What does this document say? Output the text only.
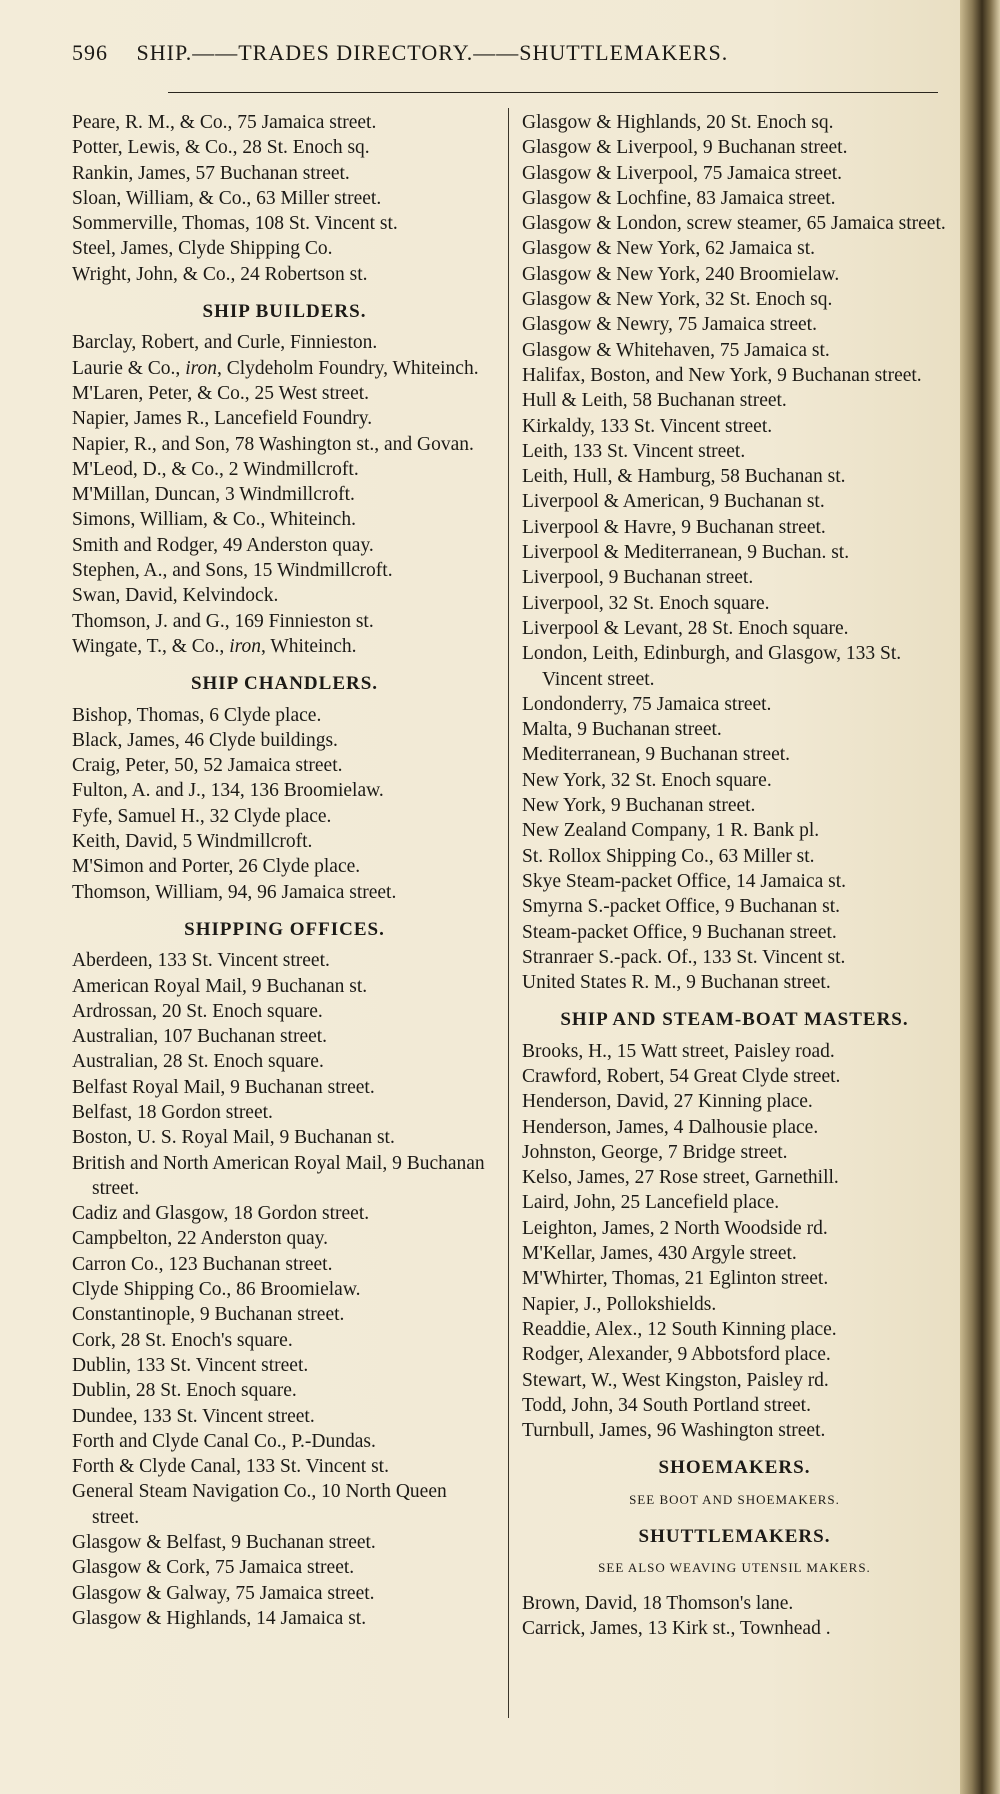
596 SHIP.——TRADES DIRECTORY.——SHUTTLEMAKERS.

Peare, R. M., & Co., 75 Jamaica street.

Potter, Lewis, & Co., 28 St. Enoch sq.

Rankin, James, 57 Buchanan street.

Sloan, William, & Co., 63 Miller street.

Sommerville, Thomas, 108 St. Vincent st.

Steel, James, Clyde Shipping Co.

Wright, John, & Co., 24 Robertson st.

SHIP BUILDERS.

Barclay, Robert, and Curle, Finnieston.

Laurie & Co., iron, Clydeholm Foundry, Whiteinch.

M'Laren, Peter, & Co., 25 West street.

Napier, James R., Lancefield Foundry.

Napier, R., and Son, 78 Washington st., and Govan.

M'Leod, D., & Co., 2 Windmillcroft.

M'Millan, Duncan, 3 Windmillcroft.

Simons, William, & Co., Whiteinch.

Smith and Rodger, 49 Anderston quay.

Stephen, A., and Sons, 15 Windmillcroft.

Swan, David, Kelvindock.

Thomson, J. and G., 169 Finnieston st.

Wingate, T., & Co., iron, Whiteinch.

SHIP CHANDLERS.

Bishop, Thomas, 6 Clyde place.

Black, James, 46 Clyde buildings.

Craig, Peter, 50, 52 Jamaica street.

Fulton, A. and J., 134, 136 Broomielaw.

Fyfe, Samuel H., 32 Clyde place.

Keith, David, 5 Windmillcroft.

M'Simon and Porter, 26 Clyde place.

Thomson, William, 94, 96 Jamaica street.

SHIPPING OFFICES.

Aberdeen, 133 St. Vincent street.

American Royal Mail, 9 Buchanan st.

Ardrossan, 20 St. Enoch square.

Australian, 107 Buchanan street.

Australian, 28 St. Enoch square.

Belfast Royal Mail, 9 Buchanan street.

Belfast, 18 Gordon street.

Boston, U. S. Royal Mail, 9 Buchanan st.

British and North American Royal Mail, 9 Buchanan street.

Cadiz and Glasgow, 18 Gordon street.

Campbelton, 22 Anderston quay.

Carron Co., 123 Buchanan street.

Clyde Shipping Co., 86 Broomielaw.

Constantinople, 9 Buchanan street.

Cork, 28 St. Enoch's square.

Dublin, 133 St. Vincent street.

Dublin, 28 St. Enoch square.

Dundee, 133 St. Vincent street.

Forth and Clyde Canal Co., P.-Dundas.

Forth & Clyde Canal, 133 St. Vincent st.

General Steam Navigation Co., 10 North Queen street.

Glasgow & Belfast, 9 Buchanan street.

Glasgow & Cork, 75 Jamaica street.

Glasgow & Galway, 75 Jamaica street.

Glasgow & Highlands, 14 Jamaica st.

Glasgow & Highlands, 20 St. Enoch sq.

Glasgow & Liverpool, 9 Buchanan street.

Glasgow & Liverpool, 75 Jamaica street.

Glasgow & Lochfine, 83 Jamaica street.

Glasgow & London, screw steamer, 65 Jamaica street.

Glasgow & New York, 62 Jamaica st.

Glasgow & New York, 240 Broomielaw.

Glasgow & New York, 32 St. Enoch sq.

Glasgow & Newry, 75 Jamaica street.

Glasgow & Whitehaven, 75 Jamaica st.

Halifax, Boston, and New York, 9 Buchanan street.

Hull & Leith, 58 Buchanan street.

Kirkaldy, 133 St. Vincent street.

Leith, 133 St. Vincent street.

Leith, Hull, & Hamburg, 58 Buchanan st.

Liverpool & American, 9 Buchanan st.

Liverpool & Havre, 9 Buchanan street.

Liverpool & Mediterranean, 9 Buchan. st.

Liverpool, 9 Buchanan street.

Liverpool, 32 St. Enoch square.

Liverpool & Levant, 28 St. Enoch square.

London, Leith, Edinburgh, and Glasgow, 133 St. Vincent street.

Londonderry, 75 Jamaica street.

Malta, 9 Buchanan street.

Mediterranean, 9 Buchanan street.

New York, 32 St. Enoch square.

New York, 9 Buchanan street.

New Zealand Company, 1 R. Bank pl.

St. Rollox Shipping Co., 63 Miller st.

Skye Steam-packet Office, 14 Jamaica st.

Smyrna S.-packet Office, 9 Buchanan st.

Steam-packet Office, 9 Buchanan street.

Stranraer S.-pack. Of., 133 St. Vincent st.

United States R. M., 9 Buchanan street.

SHIP AND STEAM-BOAT MASTERS.

Brooks, H., 15 Watt street, Paisley road.

Crawford, Robert, 54 Great Clyde street.

Henderson, David, 27 Kinning place.

Henderson, James, 4 Dalhousie place.

Johnston, George, 7 Bridge street.

Kelso, James, 27 Rose street, Garnethill.

Laird, John, 25 Lancefield place.

Leighton, James, 2 North Woodside rd.

M'Kellar, James, 430 Argyle street.

M'Whirter, Thomas, 21 Eglinton street.

Napier, J., Pollokshields.

Readdie, Alex., 12 South Kinning place.

Rodger, Alexander, 9 Abbotsford place.

Stewart, W., West Kingston, Paisley rd.

Todd, John, 34 South Portland street.

Turnbull, James, 96 Washington street.

SHOEMAKERS.
SEE BOOT AND SHOEMAKERS.
SHUTTLEMAKERS.
SEE ALSO WEAVING UTENSIL MAKERS.

Brown, David, 18 Thomson's lane.

Carrick, James, 13 Kirk st., Townhead .
